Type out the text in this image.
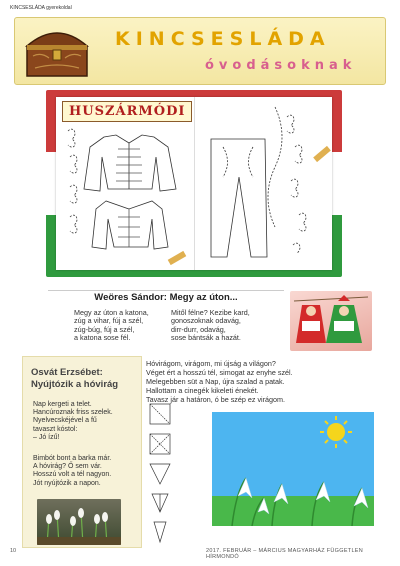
KINCSESLÁDA gyerekoldal
KINCSESLÁDA
óvodásoknak
HUSZÁRMÓDI
Weöres Sándor: Megy az úton...
Megy az úton a katona,
zúg a vihar, fúj a szél,
zúg-búg, fúj a szél,
a katona sose fél.
Mitől félne? Kezibe kard,
gonoszoknak odavág,
dirr-durr, odavág,
sose bántsák a hazát.
Osvát Erzsébet:
Nyújtózik a hóvirág
Nap kergeti a telet.
Hancúroznak friss szelek.
Nyelvecskéjével a fű
tavaszt kóstol:
– Jó ízű!
Bimbót bont a barka már.
A hóvirág? Ő sem vár.
Hosszú volt a tél nagyon.
Jót nyújtózik a napon.
Hóvirágom, virágom, mi újság a világon?
Véget ért a hosszú tél, simogat az enyhe szél.
Melegebben süt a Nap, újra szalad a patak.
Hallottam a cinegék kikeleti énekét.
Tavasz jár a határon, ó be szép ez virágom.
10	2017. FEBRUÁR – MÁRCIUS MAGYARHÁZ FÜGGETLEN HÍRMONDÓ
